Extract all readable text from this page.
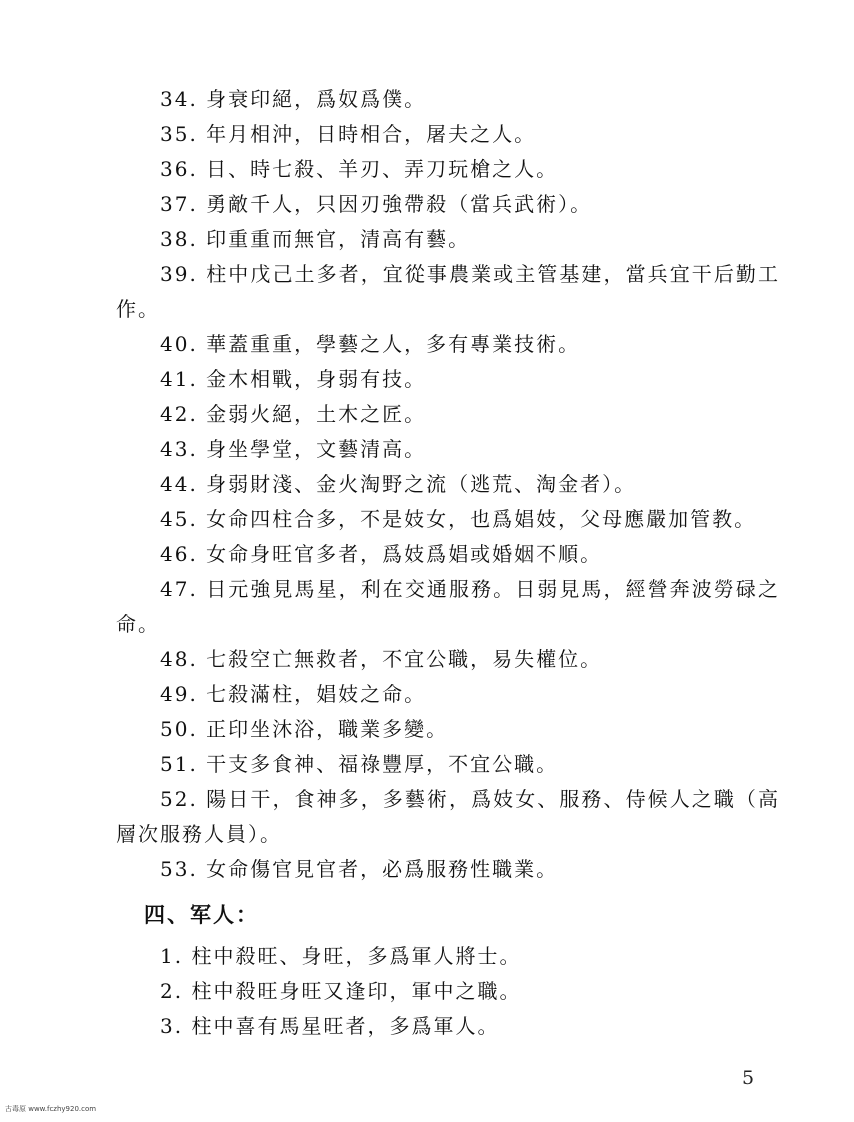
34. 身衰印絕，爲奴爲僕。
35. 年月相沖，日時相合，屠夫之人。
36. 日、時七殺、羊刃、弄刀玩槍之人。
37. 勇敵千人，只因刃強帶殺（當兵武術）。
38. 印重重而無官，清高有藝。
39. 柱中戊己土多者，宜從事農業或主管基建，當兵宜干后勤工作。
40. 華蓋重重，學藝之人，多有專業技術。
41. 金木相戰，身弱有技。
42. 金弱火絕，土木之匠。
43. 身坐學堂，文藝清高。
44. 身弱財淺、金火淘野之流（逃荒、淘金者）。
45. 女命四柱合多，不是妓女，也爲娼妓，父母應嚴加管教。
46. 女命身旺官多者，爲妓爲娼或婚姻不順。
47. 日元強見馬星，利在交通服務。日弱見馬，經營奔波勞碌之命。
48. 七殺空亡無救者，不宜公職，易失權位。
49. 七殺滿柱，娼妓之命。
50. 正印坐沐浴，職業多變。
51. 干支多食神、福祿豐厚，不宜公職。
52. 陽日干，食神多，多藝術，爲妓女、服務、侍候人之職（高層次服務人員）。
53. 女命傷官見官者，必爲服務性職業。
四、军人：
1. 柱中殺旺、身旺，多爲軍人將士。
2. 柱中殺旺身旺又逢印，軍中之職。
3. 柱中喜有馬星旺者，多爲軍人。
5
古毒原 www.fczhy920.com
